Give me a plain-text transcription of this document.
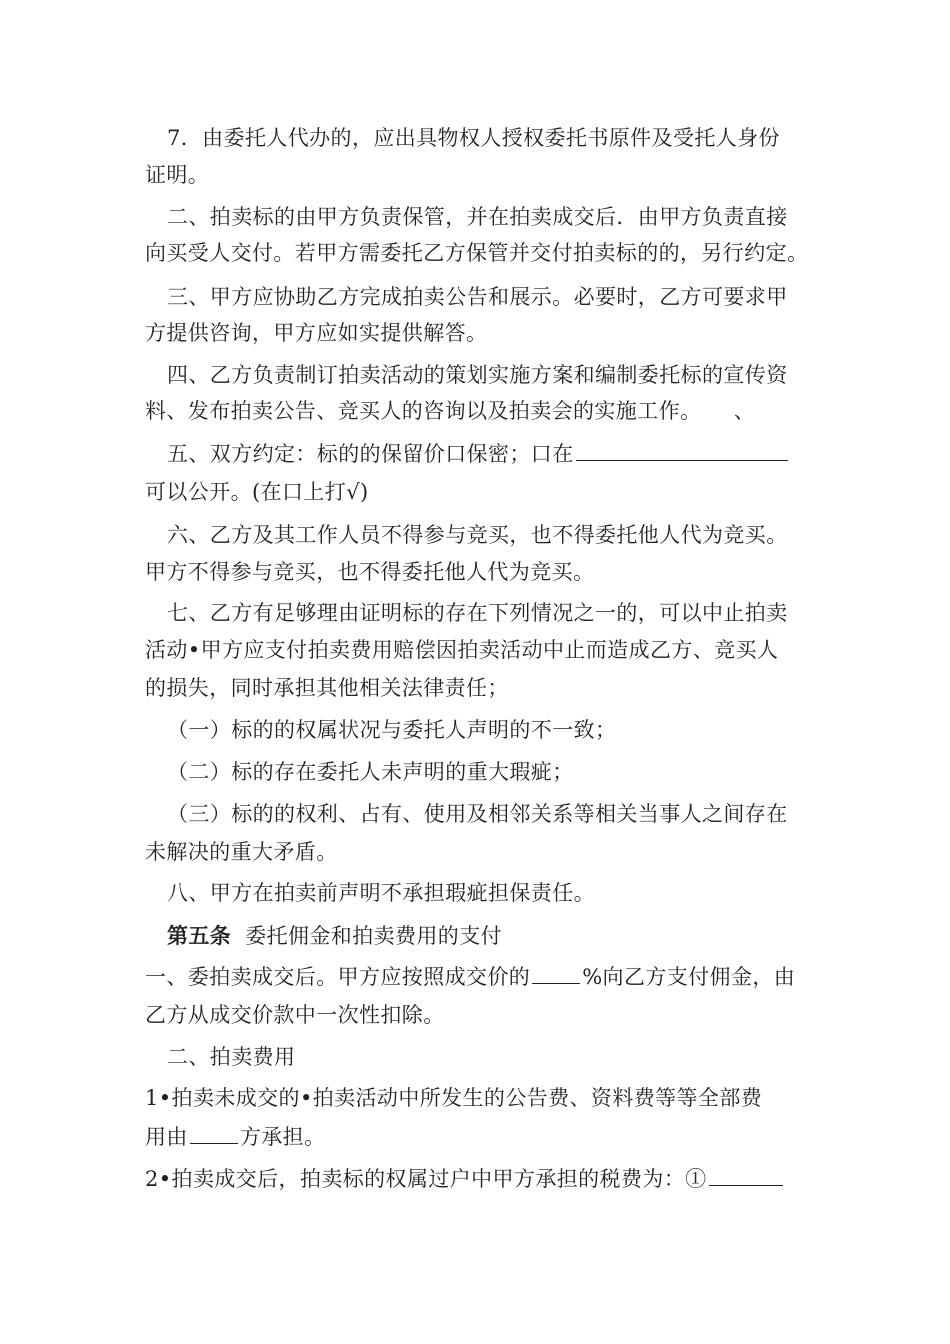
7．由委托人代办的，应出具物权人授权委托书原件及受托人身份
证明。
二、拍卖标的由甲方负责保管，并在拍卖成交后．由甲方负责直接
向买受人交付。若甲方需委托乙方保管并交付拍卖标的的，另行约定。
三、甲方应协助乙方完成拍卖公告和展示。必要时，乙方可要求甲
方提供咨询，甲方应如实提供解答。
四、乙方负责制订拍卖活动的策划实施方案和编制委托标的宣传资
料、发布拍卖公告、竞买人的咨询以及拍卖会的实施工作。　　、
五、双方约定：标的的保留价口保密；口在
可以公开。(在口上打√)
六、乙方及其工作人员不得参与竞买，也不得委托他人代为竞买。
甲方不得参与竞买，也不得委托他人代为竞买。
七、乙方有足够理由证明标的存在下列情况之一的，可以中止拍卖
活动•甲方应支付拍卖费用赔偿因拍卖活动中止而造成乙方、竞买人
的损失，同时承担其他相关法律责任；
（一）标的的权属状况与委托人声明的不一致；
（二）标的存在委托人未声明的重大瑕疵；
（三）标的的权利、占有、使用及相邻关系等相关当事人之间存在
未解决的重大矛盾。
八、甲方在拍卖前声明不承担瑕疵担保责任。
第五条 委托佣金和拍卖费用的支付
一、委拍卖成交后。甲方应按照成交价的 %向乙方支付佣金，由
乙方从成交价款中一次性扣除。
二、拍卖费用
1•拍卖未成交的•拍卖活动中所发生的公告费、资料费等等全部费
用由 方承担。
2•拍卖成交后，拍卖标的权属过户中甲方承担的税费为：①
